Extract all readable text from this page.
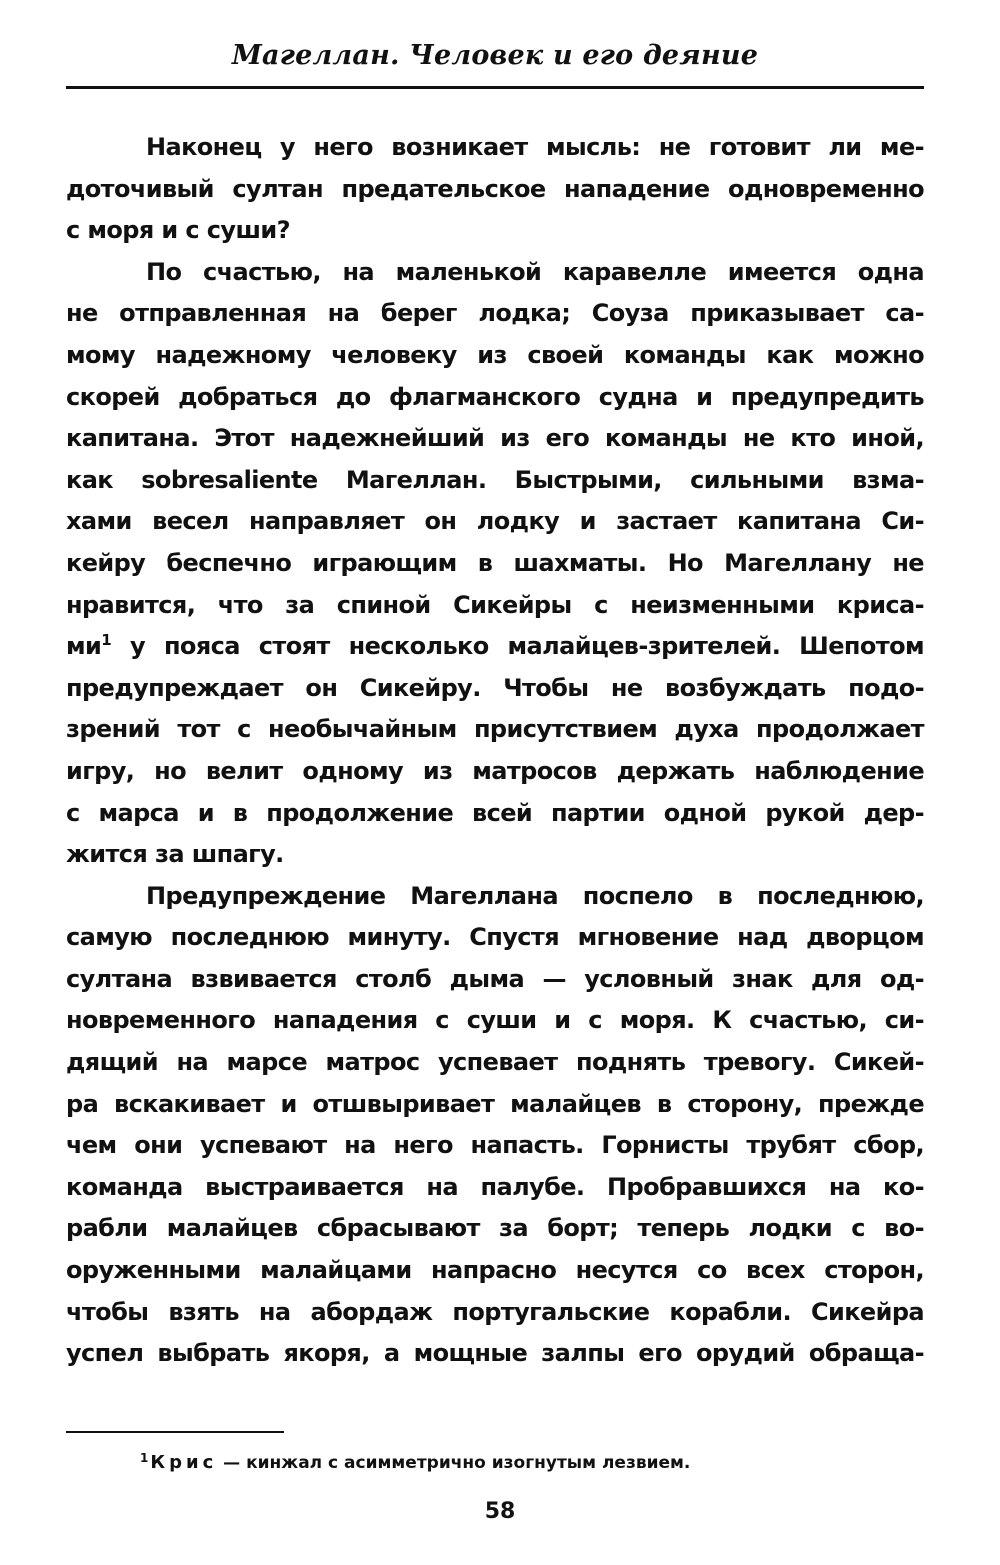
Магеллан. Человек и его деяние
Наконец у него возникает мысль: не готовит ли ме-
доточивый султан предательское нападение одновременно
с моря и с суши?
По счастью, на маленькой каравелле имеется одна
не отправленная на берег лодка; Соуза приказывает са-
мому надежному человеку из своей команды как можно
скорей добраться до флагманского судна и предупредить
капитана. Этот надежнейший из его команды не кто иной,
как sobresaliente Магеллан. Быстрыми, сильными взма-
хами весел направляет он лодку и застает капитана Си-
кейру беспечно играющим в шахматы. Но Магеллану не
нравится, что за спиной Сикейры с неизменными криса-
ми$^1$ у пояса стоят несколько малайцев-зрителей. Шепотом
предупреждает он Сикейру. Чтобы не возбуждать подо-
зрений тот с необычайным присутствием духа продолжает
игру, но велит одному из матросов держать наблюдение
с марса и в продолжение всей партии одной рукой дер-
жится за шпагу.
Предупреждение Магеллана поспело в последнюю,
самую последнюю минуту. Спустя мгновение над дворцом
султана взвивается столб дыма — условный знак для од-
новременного нападения с суши и с моря. К счастью, си-
дящий на марсе матрос успевает поднять тревогу. Сикей-
ра вскакивает и отшвыривает малайцев в сторону, прежде
чем они успевают на него напасть. Горнисты трубят сбор,
команда выстраивается на палубе. Пробравшихся на ко-
рабли малайцев сбрасывают за борт; теперь лодки с во-
оруженными малайцами напрасно несутся со всех сторон,
чтобы взять на абордаж португальские корабли. Сикейра
успел выбрать якоря, а мощные залпы его орудий обраща-
$^1$ Крис — кинжал с асимметрично изогнутым лезвием.
58
